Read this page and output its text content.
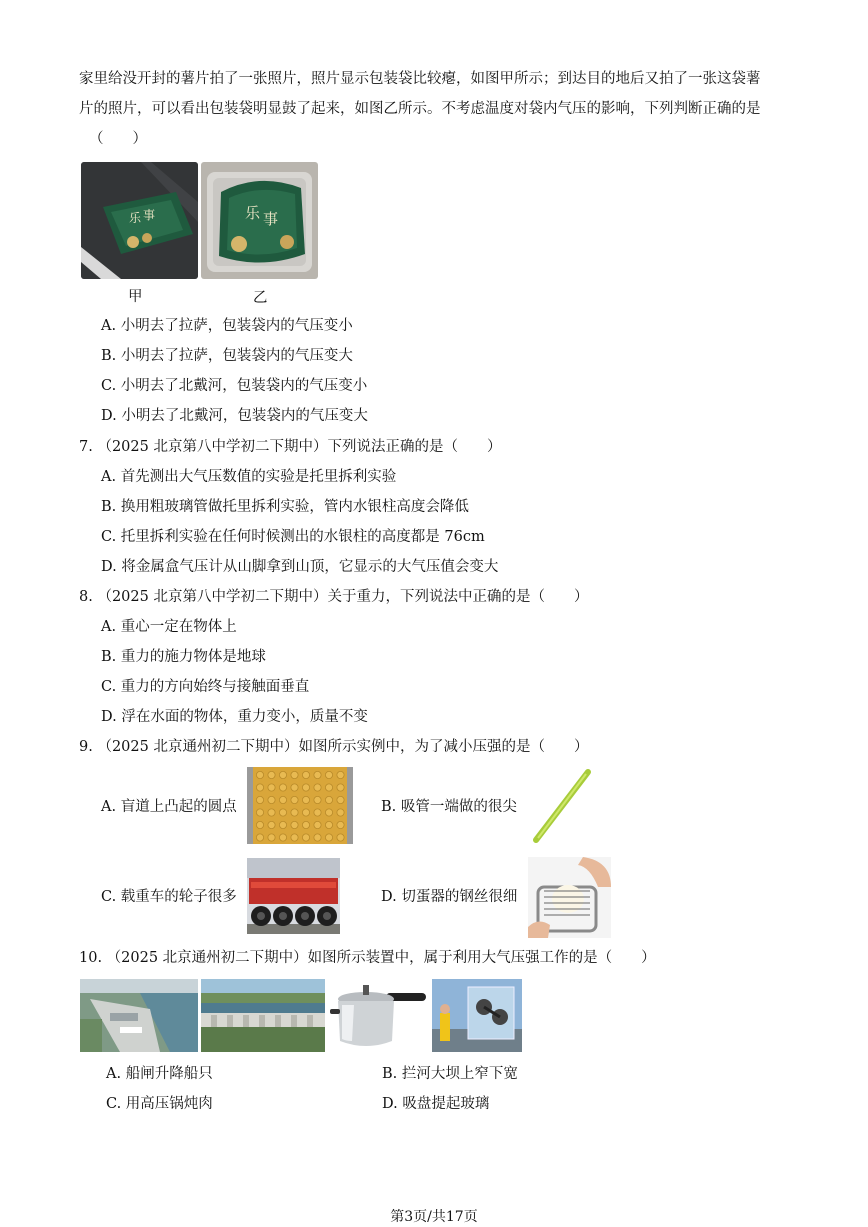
家里给没开封的薯片拍了一张照片，照片显示包装袋比较瘪，如图甲所示；到达目的地后又拍了一张这袋薯
片的照片，可以看出包装袋明显鼓了起来，如图乙所示。不考虑温度对袋内气压的影响，下列判断正确的是
（　　）
乐 事	乐 事
甲	乙
A. 小明去了拉萨，包装袋内的气压变小
B. 小明去了拉萨，包装袋内的气压变大
C. 小明去了北戴河，包装袋内的气压变小
D. 小明去了北戴河，包装袋内的气压变大
7. （2025 北京第八中学初二下期中）下列说法正确的是（　　）
A. 首先测出大气压数值的实验是托里拆利实验
B. 换用粗玻璃管做托里拆利实验，管内水银柱高度会降低
C. 托里拆利实验在任何时候测出的水银柱的高度都是 76cm
D. 将金属盒气压计从山脚拿到山顶，它显示的大气压值会变大
8. （2025 北京第八中学初二下期中）关于重力，下列说法中正确的是（　　）
A. 重心一定在物体上
B. 重力的施力物体是地球
C. 重力的方向始终与接触面垂直
D. 浮在水面的物体，重力变小，质量不变
9. （2025 北京通州初二下期中）如图所示实例中，为了减小压强的是（　　）
A. 盲道上凸起的圆点	B. 吸管一端做的很尖
C. 载重车的轮子很多	D. 切蛋器的钢丝很细
10. （2025 北京通州初二下期中）如图所示装置中，属于利用大气压强工作的是（　　）
A. 船闸升降船只	B. 拦河大坝上窄下宽
C. 用高压锅炖肉	D. 吸盘提起玻璃
第3页/共17页
